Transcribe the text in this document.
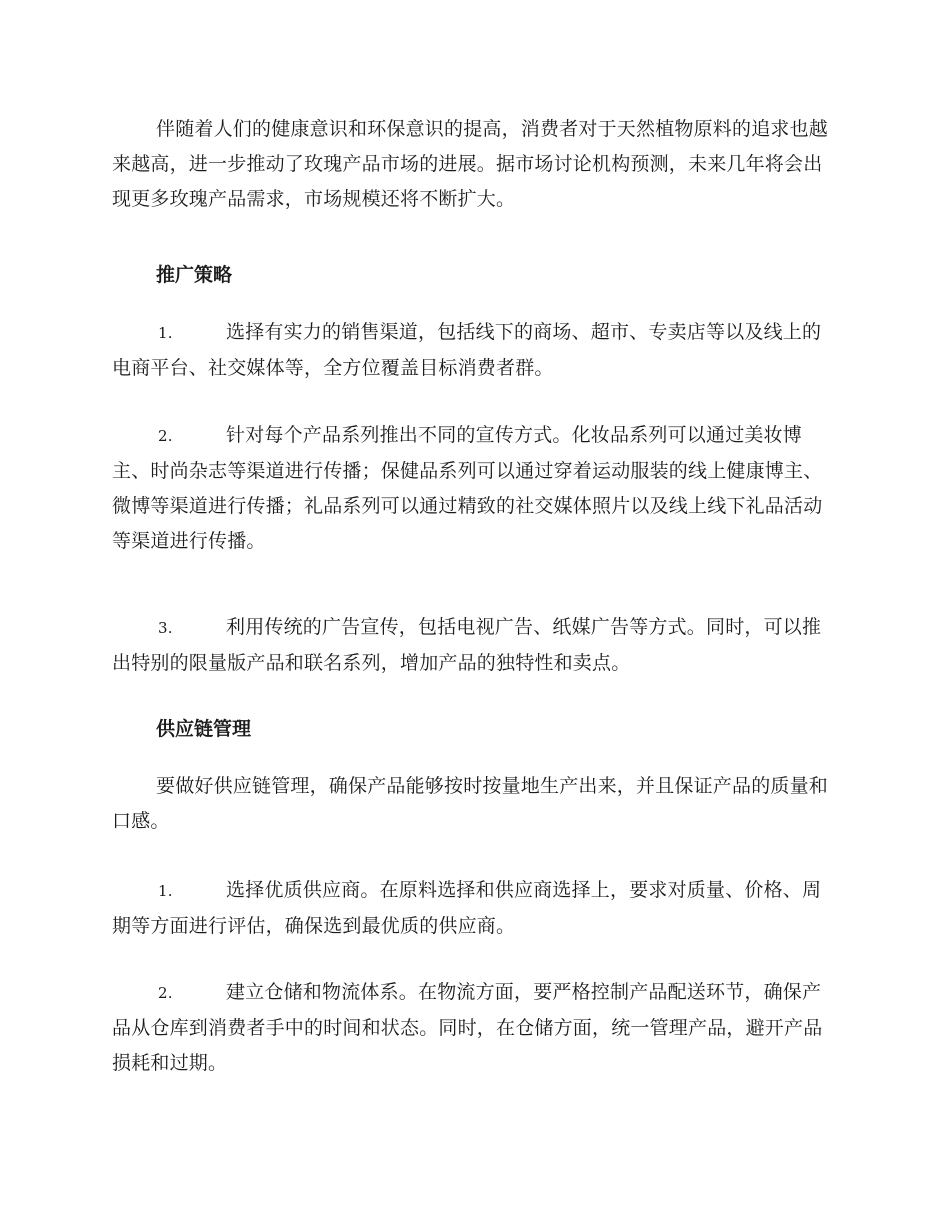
伴随着人们的健康意识和环保意识的提高，消费者对于天然植物原料的追求也越来越高，进一步推动了玫瑰产品市场的进展。据市场讨论机构预测，未来几年将会出现更多玫瑰产品需求，市场规模还将不断扩大。

推广策略

1.	选择有实力的销售渠道，包括线下的商场、超市、专卖店等以及线上的电商平台、社交媒体等，全方位覆盖目标消费者群。

2.	针对每个产品系列推出不同的宣传方式。化妆品系列可以通过美妆博主、时尚杂志等渠道进行传播；保健品系列可以通过穿着运动服装的线上健康博主、微博等渠道进行传播；礼品系列可以通过精致的社交媒体照片以及线上线下礼品活动等渠道进行传播。

3.	利用传统的广告宣传，包括电视广告、纸媒广告等方式。同时，可以推出特别的限量版产品和联名系列，增加产品的独特性和卖点。

供应链管理

要做好供应链管理，确保产品能够按时按量地生产出来，并且保证产品的质量和口感。

1.	选择优质供应商。在原料选择和供应商选择上，要求对质量、价格、周期等方面进行评估，确保选到最优质的供应商。

2.	建立仓储和物流体系。在物流方面，要严格控制产品配送环节，确保产品从仓库到消费者手中的时间和状态。同时，在仓储方面，统一管理产品，避开产品损耗和过期。
